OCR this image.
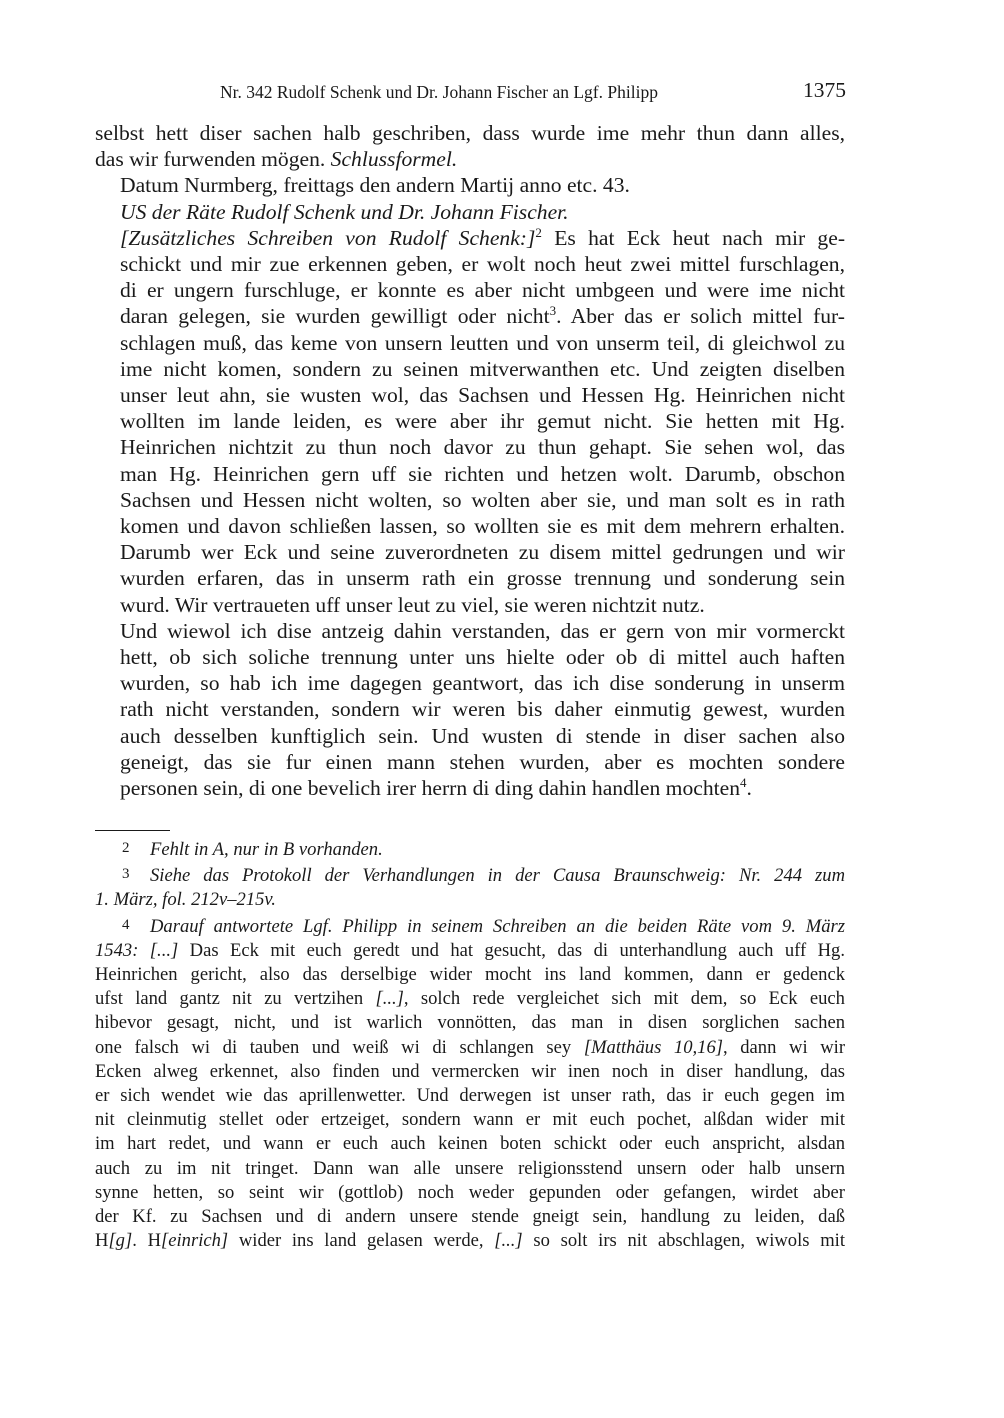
Nr. 342 Rudolf Schenk und Dr. Johann Fischer an Lgf. Philipp	1375

selbst hett diser sachen halb geschriben, dass wurde ime mehr thun dann alles,
das wir furwenden mögen. Schlussformel.

Datum Nurmberg, freittags den andern Martij anno etc. 43.

US der Räte Rudolf Schenk und Dr. Johann Fischer.

[Zusätzliches Schreiben von Rudolf Schenk:]$^2$ Es hat Eck heut nach mir ge-
schickt und mir zue erkennen geben, er wolt noch heut zwei mittel furschlagen,
di er ungern furschluge, er konnte es aber nicht umbgeen und were ime nicht
daran gelegen, sie wurden gewilligt oder nicht$^3$. Aber das er solich mittel fur-
schlagen muß, das keme von unsern leutten und von unserm teil, di gleichwol zu
ime nicht komen, sondern zu seinen mitverwanthen etc. Und zeigten diselben
unser leut ahn, sie wusten wol, das Sachsen und Hessen Hg. Heinrichen nicht
wollten im lande leiden, es were aber ihr gemut nicht. Sie hetten mit Hg.
Heinrichen nichtzit zu thun noch davor zu thun gehapt. Sie sehen wol, das
man Hg. Heinrichen gern uff sie richten und hetzen wolt. Darumb, obschon
Sachsen und Hessen nicht wolten, so wolten aber sie, und man solt es in rath
komen und davon schließen lassen, so wollten sie es mit dem mehrern erhalten.
Darumb wer Eck und seine zuverordneten zu disem mittel gedrungen und wir
wurden erfaren, das in unserm rath ein grosse trennung und sonderung sein
wurd. Wir vertraueten uff unser leut zu viel, sie weren nichtzit nutz.

Und wiewol ich dise antzeig dahin verstanden, das er gern von mir vormerckt
hett, ob sich soliche trennung unter uns hielte oder ob di mittel auch haften
wurden, so hab ich ime dagegen geantwort, das ich dise sonderung in unserm
rath nicht verstanden, sondern wir weren bis daher einmutig gewest, wurden
auch desselben kunftiglich sein. Und wusten di stende in diser sachen also
geneigt, das sie fur einen mann stehen wurden, aber es mochten sondere
personen sein, di one bevelich irer herrn di ding dahin handlen mochten$^4$.

2 Fehlt in A, nur in B vorhanden.

3 Siehe das Protokoll der Verhandlungen in der Causa Braunschweig: Nr. 244 zum
1. März, fol. 212v–215v.

4 Darauf antwortete Lgf. Philipp in seinem Schreiben an die beiden Räte vom 9. März
1543: [...] Das Eck mit euch geredt und hat gesucht, das di unterhandlung auch uff Hg.
Heinrichen gericht, also das derselbige wider mocht ins land kommen, dann er gedenck
ufst land gantz nit zu vertzihen [...], solch rede vergleichet sich mit dem, so Eck euch
hibevor gesagt, nicht, und ist warlich vonnötten, das man in disen sorglichen sachen
one falsch wi di tauben und weiß wi di schlangen sey [Matthäus 10,16], dann wi wir
Ecken alweg erkennet, also finden und vermercken wir inen noch in diser handlung, das
er sich wendet wie das aprillenwetter. Und derwegen ist unser rath, das ir euch gegen im
nit cleinmutig stellet oder ertzeiget, sondern wann er mit euch pochet, alßdan wider mit
im hart redet, und wann er euch auch keinen boten schickt oder euch anspricht, alsdan
auch zu im nit tringet. Dann wan alle unsere religionsstend unsern oder halb unsern
synne hetten, so seint wir (gottlob) noch weder gepunden oder gefangen, wirdet aber
der Kf. zu Sachsen und di andern unsere stende gneigt sein, handlung zu leiden, daß
H[g]. H[einrich] wider ins land gelasen werde, [...] so solt irs nit abschlagen, wiwols mit
